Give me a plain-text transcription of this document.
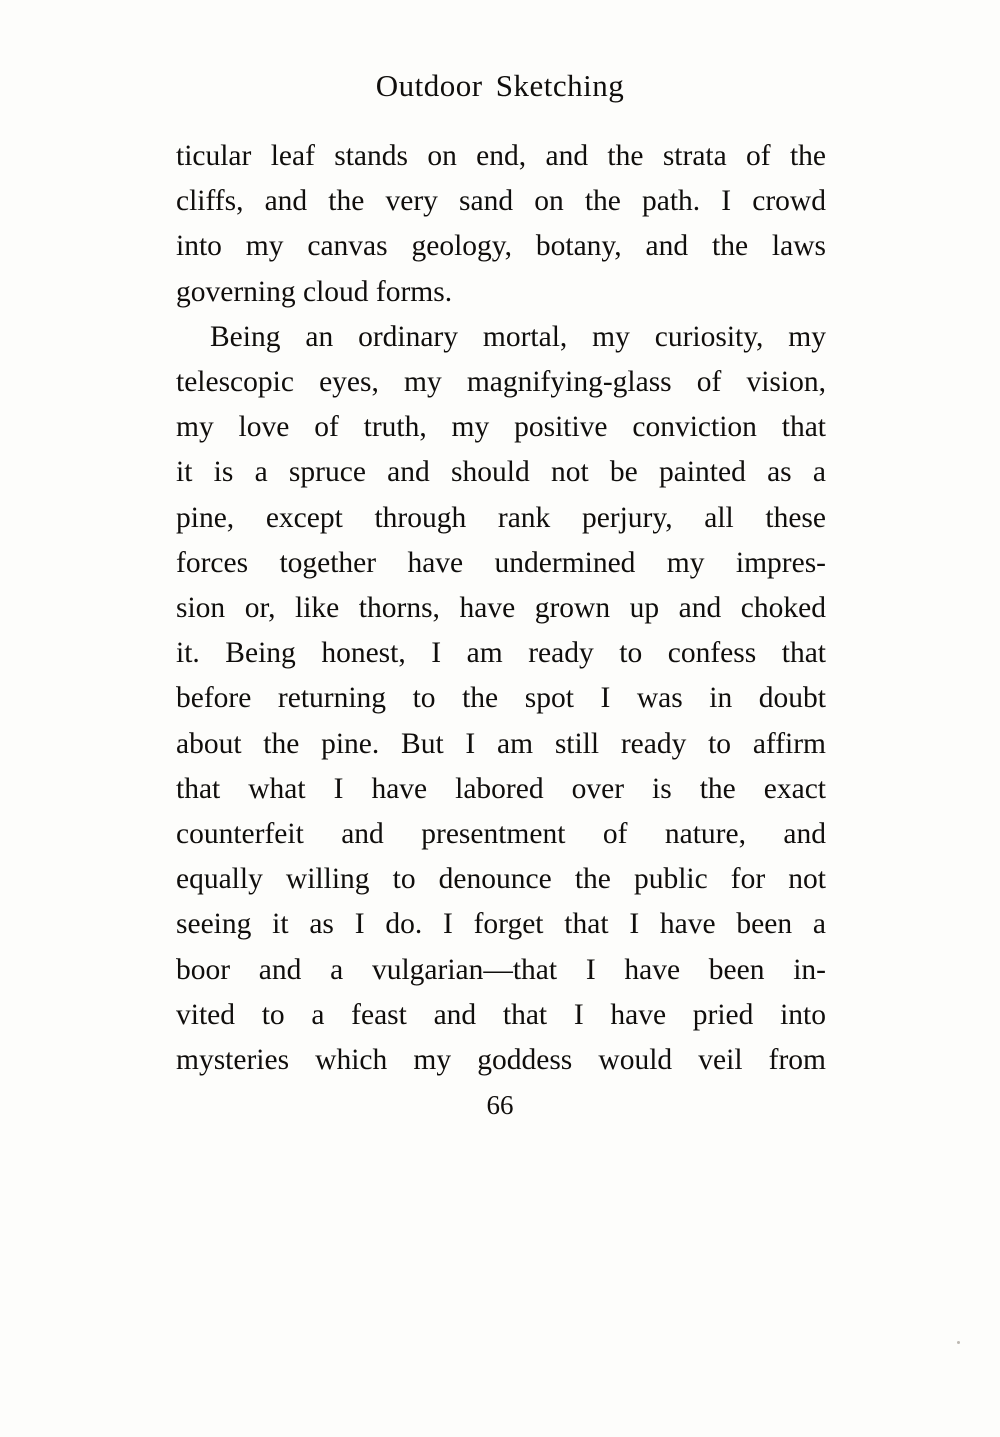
Outdoor Sketching

ticular leaf stands on end, and the strata of the
cliffs, and the very sand on the path. I crowd
into my canvas geology, botany, and the laws
governing cloud forms.

Being an ordinary mortal, my curiosity, my
telescopic eyes, my magnifying-glass of vision,
my love of truth, my positive conviction that
it is a spruce and should not be painted as a
pine, except through rank perjury, all these
forces together have undermined my impres-
sion or, like thorns, have grown up and choked
it. Being honest, I am ready to confess that
before returning to the spot I was in doubt
about the pine. But I am still ready to affirm
that what I have labored over is the exact
counterfeit and presentment of nature, and
equally willing to denounce the public for not
seeing it as I do. I forget that I have been a
boor and a vulgarian—that I have been in-
vited to a feast and that I have pried into
mysteries which my goddess would veil from

66
